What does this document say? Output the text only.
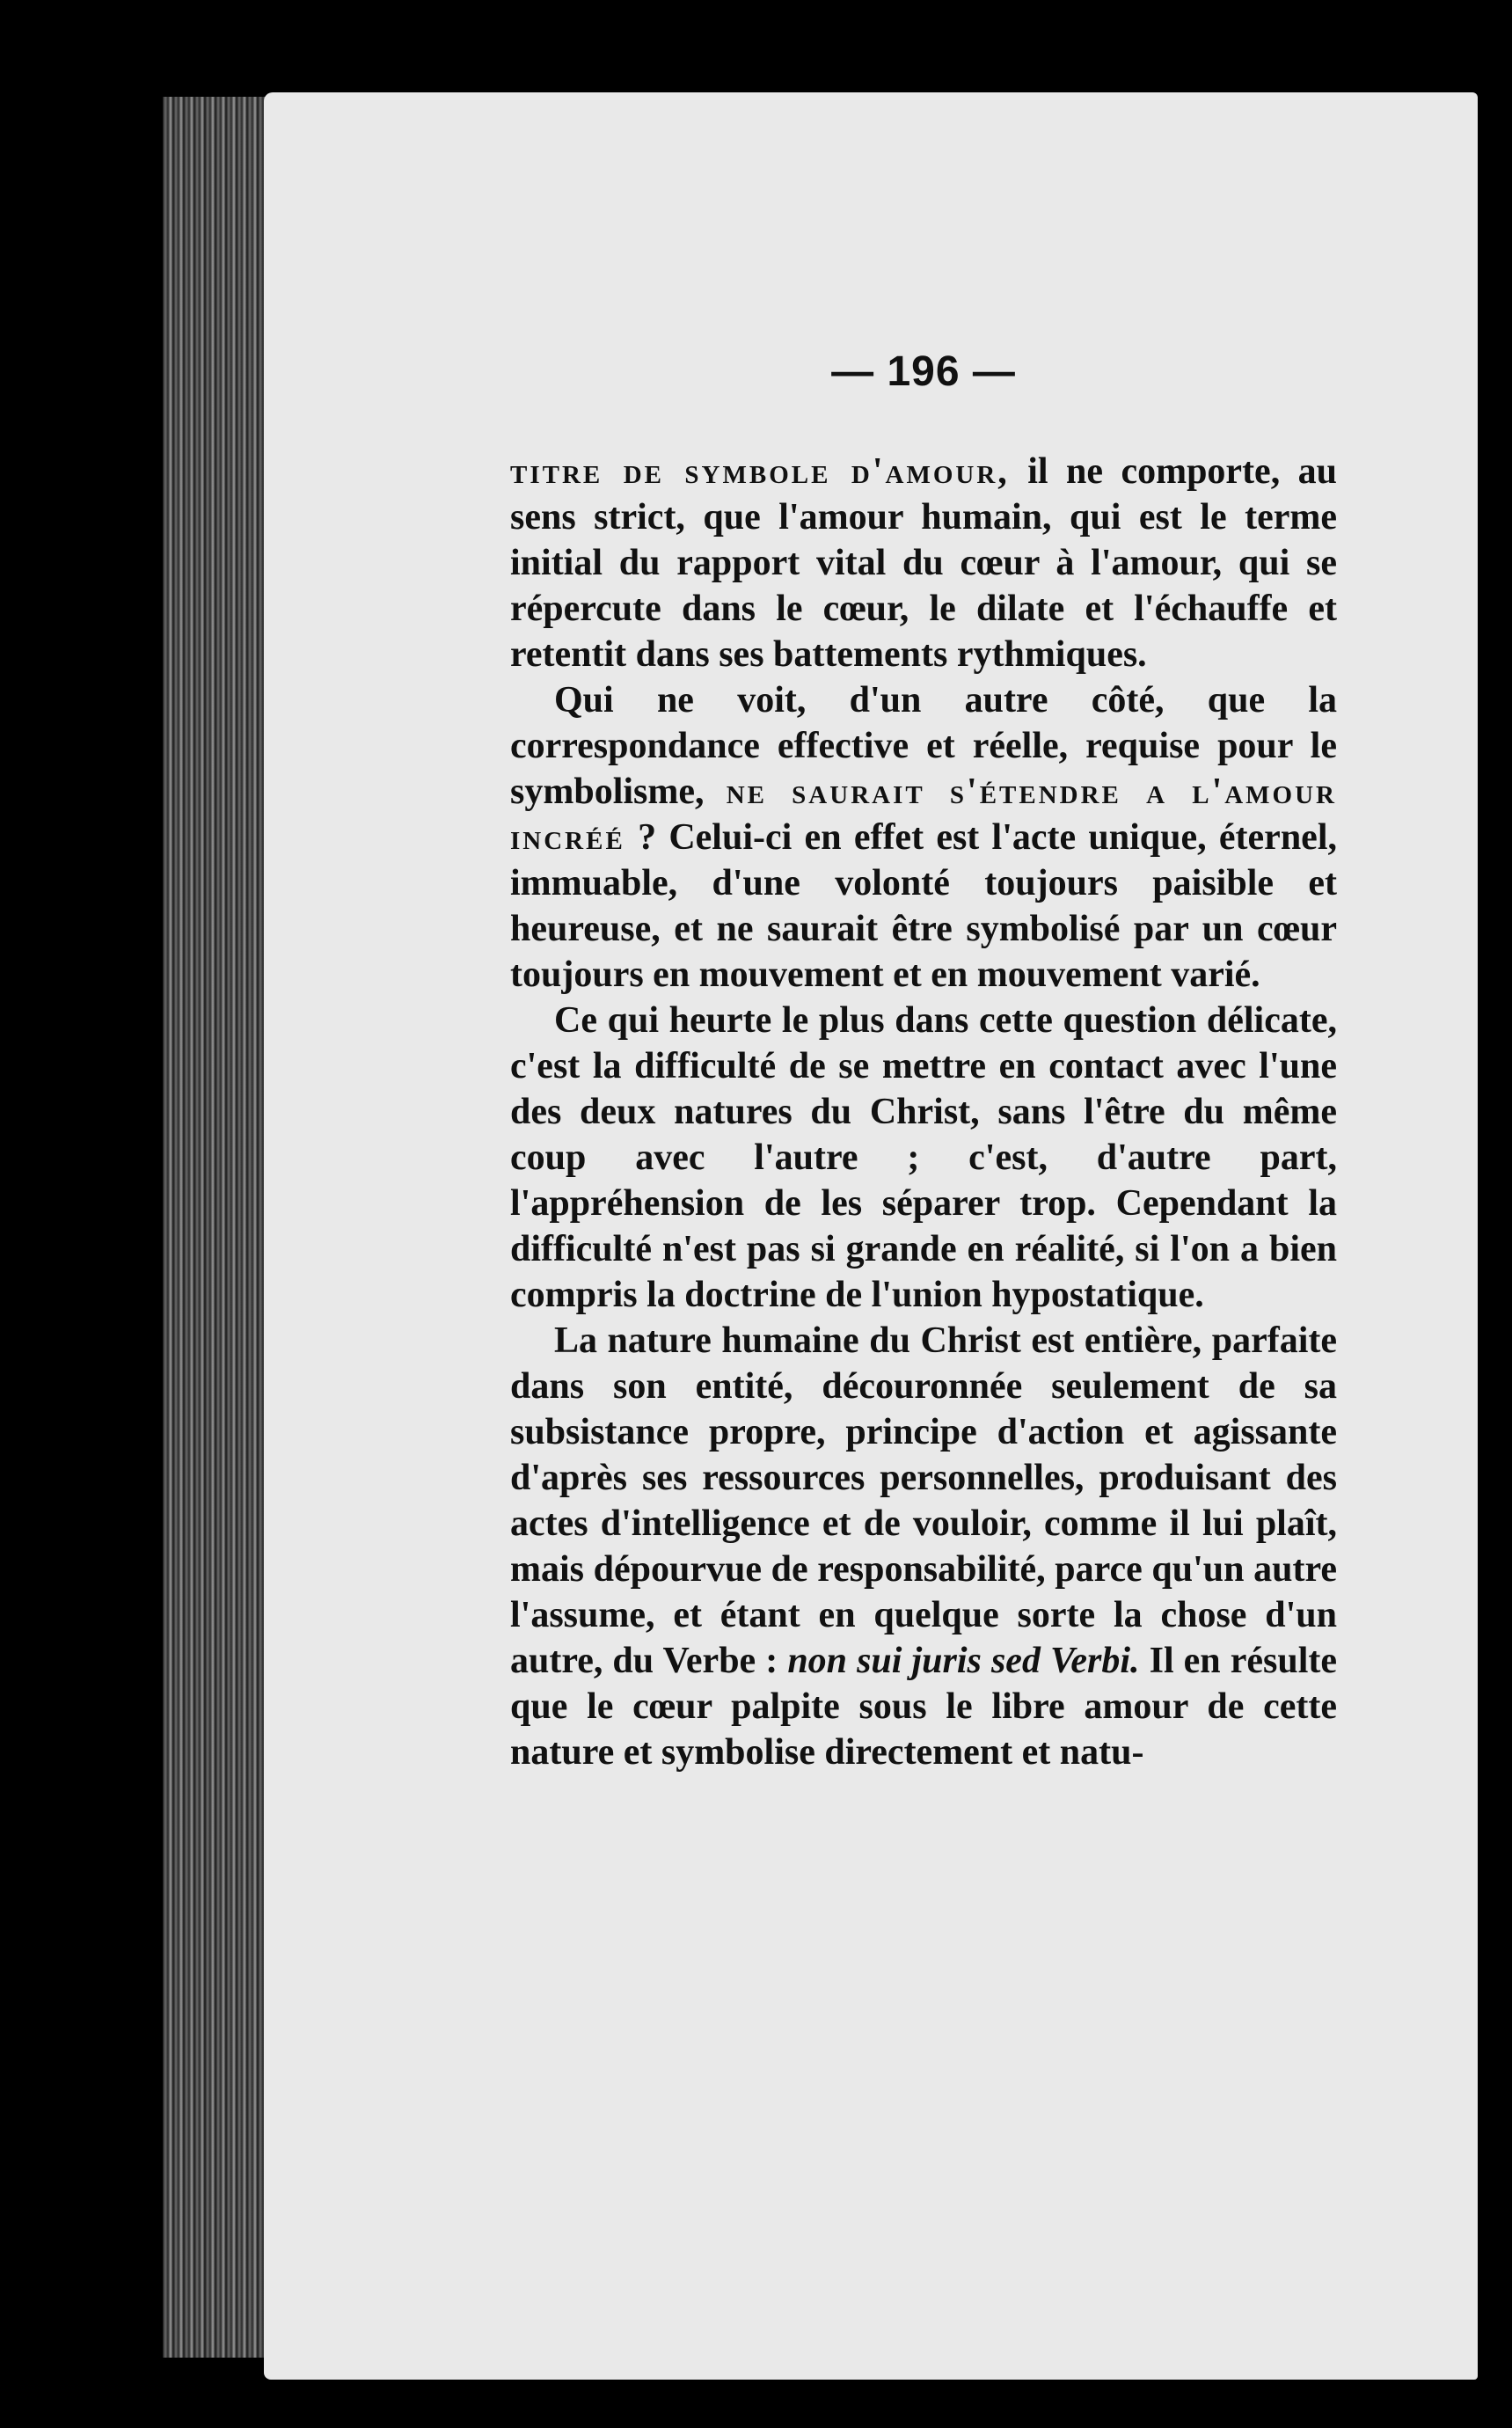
— 196 —

titre de symbole d'amour, il ne comporte, au sens strict, que l'amour humain, qui est le terme initial du rapport vital du cœur à l'amour, qui se répercute dans le cœur, le dilate et l'échauffe et retentit dans ses battements rythmiques.

Qui ne voit, d'un autre côté, que la correspondance effective et réelle, requise pour le symbolisme, ne saurait s'étendre a l'amour incréé ? Celui-ci en effet est l'acte unique, éternel, immuable, d'une volonté toujours paisible et heureuse, et ne saurait être symbolisé par un cœur toujours en mouvement et en mouvement varié.

Ce qui heurte le plus dans cette question délicate, c'est la difficulté de se mettre en contact avec l'une des deux natures du Christ, sans l'être du même coup avec l'autre ; c'est, d'autre part, l'appréhension de les séparer trop. Cependant la difficulté n'est pas si grande en réalité, si l'on a bien compris la doctrine de l'union hypostatique.

La nature humaine du Christ est entière, parfaite dans son entité, découronnée seulement de sa subsistance propre, principe d'action et agissante d'après ses ressources personnelles, produisant des actes d'intelligence et de vouloir, comme il lui plaît, mais dépourvue de responsabilité, parce qu'un autre l'assume, et étant en quelque sorte la chose d'un autre, du Verbe : non sui juris sed Verbi. Il en résulte que le cœur palpite sous le libre amour de cette nature et symbolise directement et natu-
